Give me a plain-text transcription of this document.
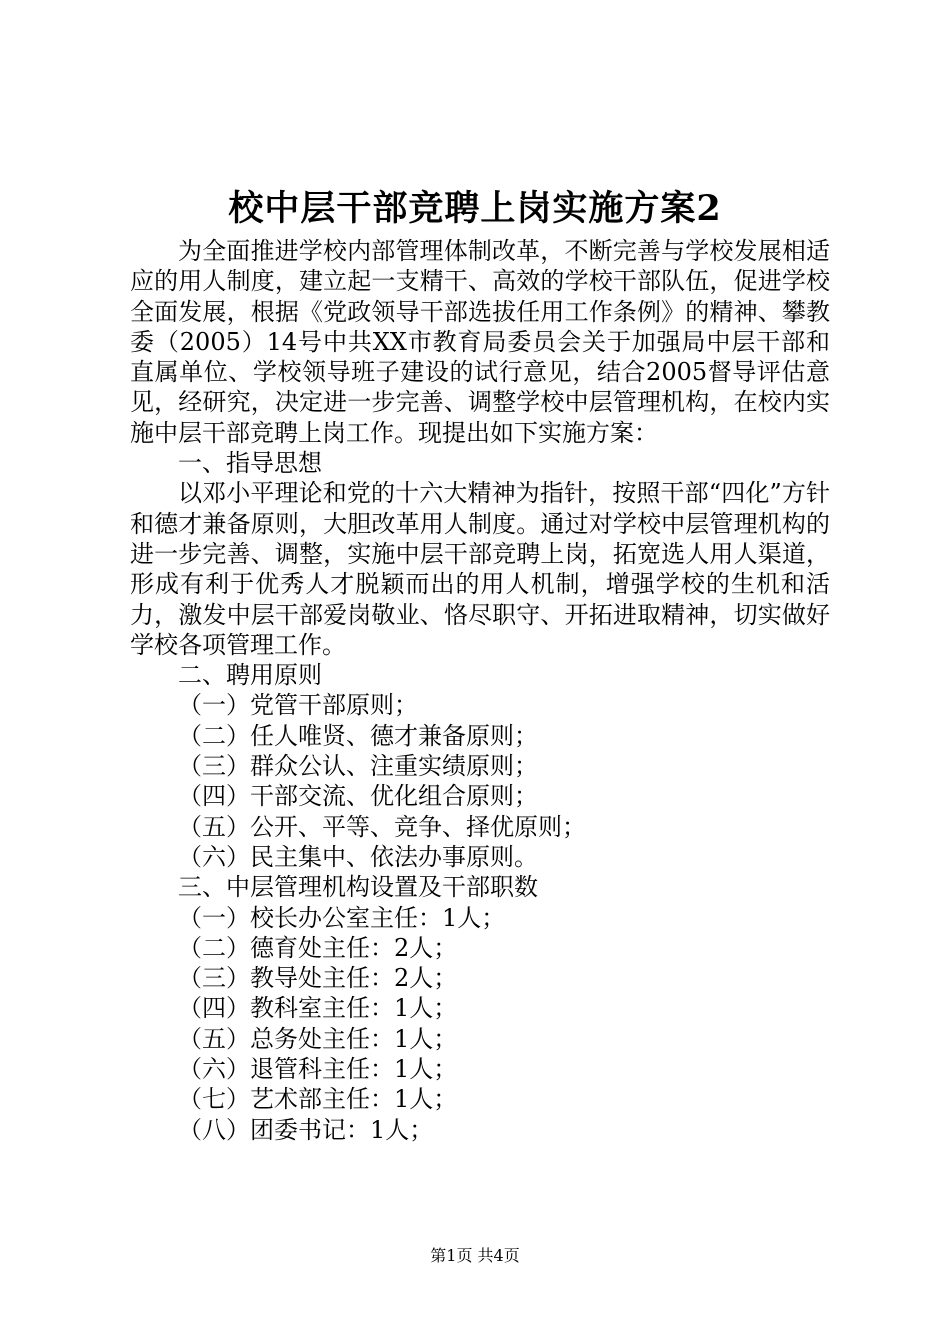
校中层干部竞聘上岗实施方案2

为全面推进学校内部管理体制改革，不断完善与学校发展相适应的用人制度，建立起一支精干、高效的学校干部队伍，促进学校全面发展，根据《党政领导干部选拔任用工作条例》的精神、攀教委（2005）14号中共XX市教育局委员会关于加强局中层干部和直属单位、学校领导班子建设的试行意见，结合2005督导评估意见，经研究，决定进一步完善、调整学校中层管理机构，在校内实施中层干部竞聘上岗工作。现提出如下实施方案：

一、指导思想

以邓小平理论和党的十六大精神为指针，按照干部“四化”方针和德才兼备原则，大胆改革用人制度。通过对学校中层管理机构的进一步完善、调整，实施中层干部竞聘上岗，拓宽选人用人渠道，形成有利于优秀人才脱颖而出的用人机制，增强学校的生机和活力，激发中层干部爱岗敬业、恪尽职守、开拓进取精神，切实做好学校各项管理工作。

二、聘用原则

（一）党管干部原则；

（二）任人唯贤、德才兼备原则；

（三）群众公认、注重实绩原则；

（四）干部交流、优化组合原则；

（五）公开、平等、竞争、择优原则；

（六）民主集中、依法办事原则。

三、中层管理机构设置及干部职数

（一）校长办公室主任：1人；

（二）德育处主任：2人；

（三）教导处主任：2人；

（四）教科室主任：1人；

（五）总务处主任：1人；

（六）退管科主任：1人；

（七）艺术部主任：1人；

（八）团委书记：1人；

第1页 共4页
